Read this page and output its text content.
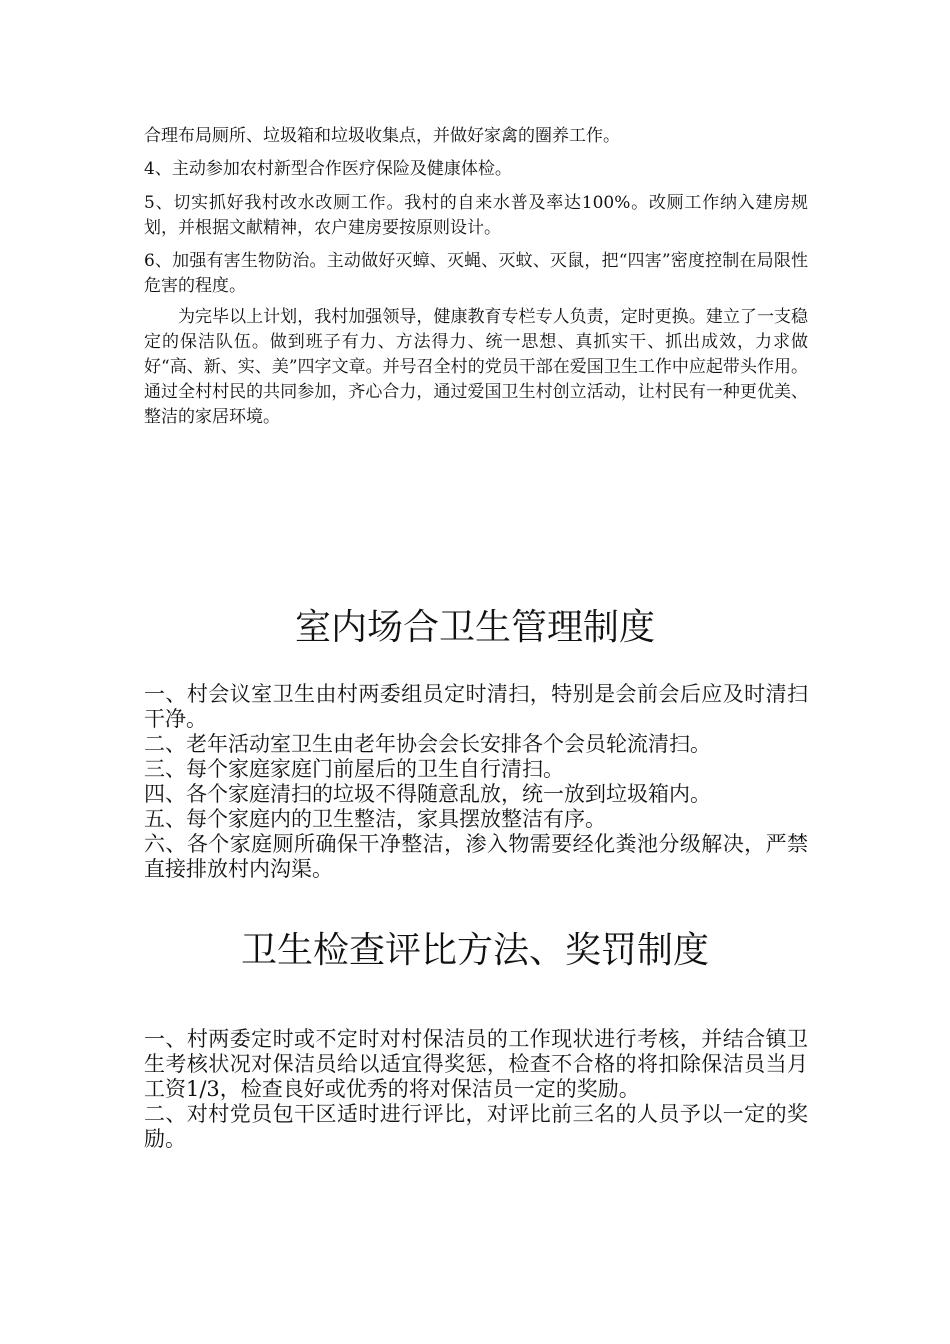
合理布局厕所、垃圾箱和垃圾收集点，并做好家禽的圈养工作。

4、主动参加农村新型合作医疗保险及健康体检。

5、切实抓好我村改水改厕工作。我村的自来水普及率达100%。改厕工作纳入建房规划，并根据文献精神，农户建房要按原则设计。

6、加强有害生物防治。主动做好灭蟑、灭蝇、灭蚊、灭鼠，把“四害”密度控制在局限性危害的程度。

为完毕以上计划，我村加强领导，健康教育专栏专人负责，定时更换。建立了一支稳定的保洁队伍。做到班子有力、方法得力、统一思想、真抓实干、抓出成效，力求做好“高、新、实、美”四字文章。并号召全村的党员干部在爱国卫生工作中应起带头作用。通过全村村民的共同参加，齐心合力，通过爱国卫生村创立活动，让村民有一种更优美、整洁的家居环境。

室内场合卫生管理制度

一、村会议室卫生由村两委组员定时清扫，特别是会前会后应及时清扫干净。

二、老年活动室卫生由老年协会会长安排各个会员轮流清扫。

三、每个家庭家庭门前屋后的卫生自行清扫。

四、各个家庭清扫的垃圾不得随意乱放，统一放到垃圾箱内。

五、每个家庭内的卫生整洁，家具摆放整洁有序。

六、各个家庭厕所确保干净整洁，渗入物需要经化粪池分级解决，严禁直接排放村内沟渠。

卫生检查评比方法、奖罚制度

一、村两委定时或不定时对村保洁员的工作现状进行考核，并结合镇卫生考核状况对保洁员给以适宜得奖惩，检查不合格的将扣除保洁员当月工资1/3，检查良好或优秀的将对保洁员一定的奖励。

二、对村党员包干区适时进行评比，对评比前三名的人员予以一定的奖励。
